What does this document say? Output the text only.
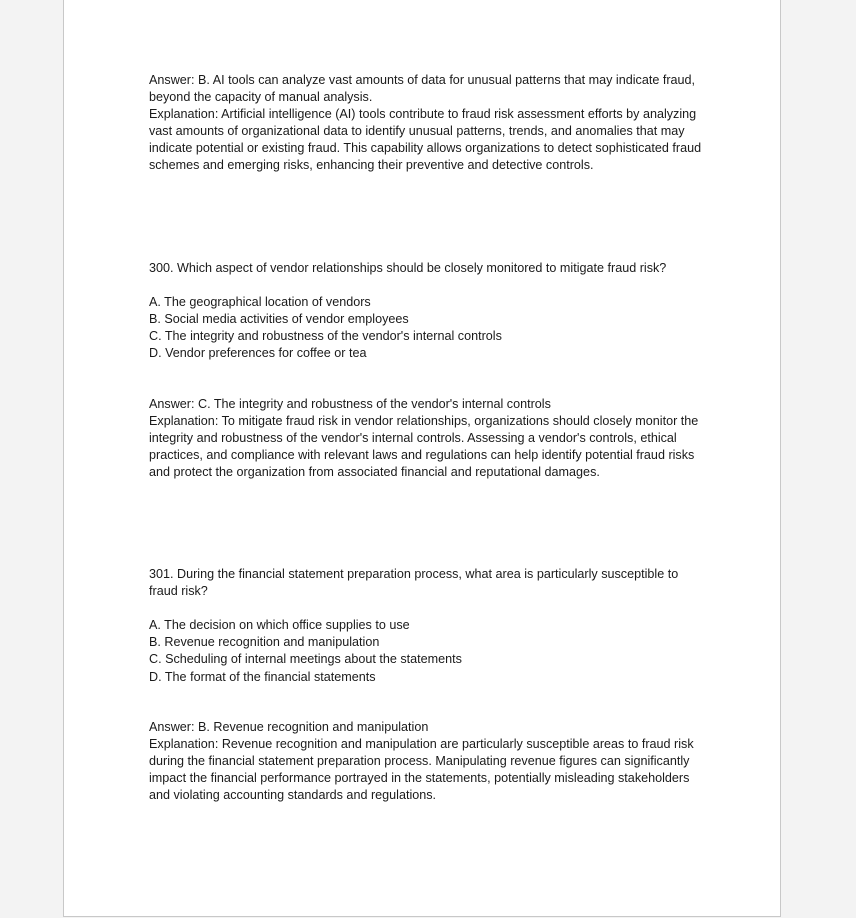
Answer: B. AI tools can analyze vast amounts of data for unusual patterns that may indicate fraud, beyond the capacity of manual analysis.
Explanation: Artificial intelligence (AI) tools contribute to fraud risk assessment efforts by analyzing vast amounts of organizational data to identify unusual patterns, trends, and anomalies that may indicate potential or existing fraud. This capability allows organizations to detect sophisticated fraud schemes and emerging risks, enhancing their preventive and detective controls.
300. Which aspect of vendor relationships should be closely monitored to mitigate fraud risk?
A. The geographical location of vendors
B. Social media activities of vendor employees
C. The integrity and robustness of the vendor's internal controls
D. Vendor preferences for coffee or tea
Answer: C. The integrity and robustness of the vendor's internal controls
Explanation: To mitigate fraud risk in vendor relationships, organizations should closely monitor the integrity and robustness of the vendor's internal controls. Assessing a vendor's controls, ethical practices, and compliance with relevant laws and regulations can help identify potential fraud risks and protect the organization from associated financial and reputational damages.
301. During the financial statement preparation process, what area is particularly susceptible to fraud risk?
A. The decision on which office supplies to use
B. Revenue recognition and manipulation
C. Scheduling of internal meetings about the statements
D. The format of the financial statements
Answer: B. Revenue recognition and manipulation
Explanation: Revenue recognition and manipulation are particularly susceptible areas to fraud risk during the financial statement preparation process. Manipulating revenue figures can significantly impact the financial performance portrayed in the statements, potentially misleading stakeholders and violating accounting standards and regulations.
